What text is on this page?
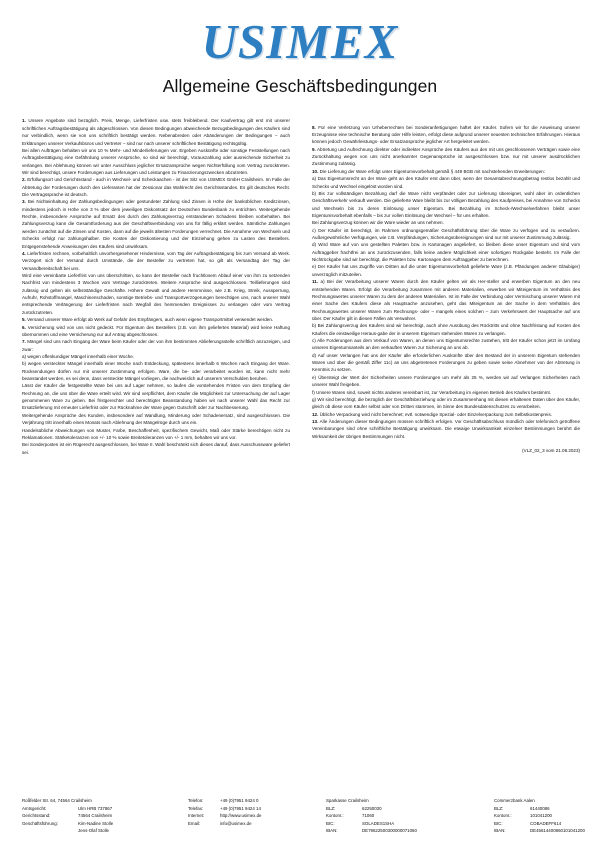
USIMEX
Allgemeine Geschäftsbedingungen

1. Unsere Angebote sind bezüglich. Preis, Menge, Lieferfristen usw. stets freibleibend. Der Kaufvertrag gilt erst mit unserer schriftlichen Auftragsbestätigung als abgeschlossen. Von diesen Bedingungen abweichende Bezugsbedingungen des Käufers sind nur verbindlich, wenn sie von uns schriftlich bestätigt werden. Nebenabreden oder Abänderungen der Bedingungen – auch Erklärungen unserer Verkaufsbüros und Vertreter – sind nur nach unserer schriftlichen Bestätigung rechtsgültig.

Bei allen Aufträgen behalten wir uns 10 % Mehr- und Minderlieferungen vor. Ergeben Auskünfte oder sonstige Feststellungen nach Auftragsbestätigung eine Gefährdung unserer Ansprüche, so sind wir berechtigt, Vorauszahlung oder ausreichende Sicherheit zu verlangen. Bei Ablehnung können wir unter Ausschluss jeglicher Ersatzansprüche wegen Nichterfüllung vom Vertrag zurücktreten. Wir sind berechtigt, unsere Forderungen aus Lieferungen und Leistungen zu Finanzierungszwecken abzutreten.

2. Erfüllungsort und Gerichtsstand - auch in Wechsel- und Scheckaachen - ist der Sitz von USIMEX GmbH Crailsheim. Im Falle der Abtretung der Forderungen durch den Lieferanten hat der Zessionar das Wahlrecht des Gerichtsstandes. Es gilt deutsches Recht. Die Vertragssprache ist deutsch.

3. Bei Nichteinhaltung der Zahlungsbedingungen oder gestundeter Zahlung sind Zinsen in Höhe der banküblichen Kreditzinsen, mindestens jedoch in Höhe von 3 % über dem jeweiligen Diskontsatz der Deutschen Bundesbank zu entrichten. Weitergehende Rechte, insbesondere Ansprüche auf Ersatz des durch den Zahlungsverzug entstandenen Schadens bleiben vorbehalten. Bei Zahlungsverzug kann die Gesamtforderung aus der Geschäftsverbindung von uns für fällig erklärt werden. Sämtliche Zahlungen werden zunächst auf die Zinsen und Kosten, dann auf die jeweils ältesten Forderungen verrechnet. Die Annahme von Wechseln und Schecks erfolgt nur zahlungshalber. Die Kosten der Diskontierung und der Einziehung gehen zu Lasten des Bestellers. Entgegenstehende Anweisungen des Käufers sind unwirksam.

4. Lieferfristen rechnen, vorbehaltlich unvorhergesehener Hindernisse, vom Tag der Auftragsbestätigung bis zum Versand ab Werk. Verzögert sich der Versand durch Umstände, die der Besteller zu vertreten hat, so gilt als Versandtag der Tag der Versandbereitschaft bei uns.

Wird eine vereinbarte Lieferfrist von uns überschritten, so kann der Besteller nach fruchtlosem Ablauf einer von ihm zu setzenden Nachfrist von mindestens 3 Wochen vom Vertrage zurücktreten. Weitere Ansprüche sind ausgeschlossen. Teillieferungen sind zulässig und gelten als selbstständige Geschäfte. Höhere Gewalt und andere Hemmnisse, wie z.B. Krieg, Streik, Aussperrung, Aufruhr, Rohstoffmangel, Maschinenschaden, sonstige Betriebs- und Transportverzögerungen berechtigen uns, nach unserer Wahl entsprechende Verlängerung der Lieferfristen nach Wegfall des hemmenden Ereignisses zu verlangen oder vom Vertrag zurückzutreten.

5. Versand unserer Ware erfolgt ab Werk auf Gefahr des Empfängers, auch wenn eigene Transportmittel verwendet werden.

6. Versicherung wird von uns nicht gedeckt. Für Eigentum des Bestellers (z.B. von ihm geliefertes Material) wird keine Haftung übernommen und eine Versicherung nur auf Antrag abgeschlossen.

7. Mängel sind uns nach Eingang der Ware beim Käufer oder der von ihm bestimmten Ablieferungsstelle schriftlich anzuzeigen, und zwar:

a) wegen offenkundiger Mängel innerhalb einer Woche.

b) wegen versteckter Mängel innerhalb einer Woche nach Entdeckung, spätestens innerhalb 6 Wochen nach Eingang der Ware. Rücksendungen dürfen nur mit unserer Zustimmung erfolgen. Ware, die be- oder verarbeitet worden ist, kann nicht mehr beanstandet werden, es sei denn, dass versteckte Mängel vorliegen, die nachweislich auf unserem Verschulden beruhen.

Lässt der Käufer die festgestellte Ware bei uns auf Lager nehmen, so laufen die vorstehenden Fristen von dem Empfang der Rechnung an, die uns über die Ware erteilt wird. Wir sind verpflichtet, dem Käufer die Möglichkeit zur Untersuchung der auf Lager genommenen Ware zu geben. Bei fristgerechter und berechtigter Beanstandung haben wir nach unserer Wahl das Recht zur Ersatzlieferung mit erneuter Lieferfrist oder zur Rücknahme der Ware gegen Gutschrift oder zur Nachbesserung.

Weitergehende Ansprüche des Kunden, insbesondere auf Wandlung, Minderung oder Schadenersatz, sind ausgeschlossen. Die Verjährung tritt innerhalb eines Monats nach Ablehnung der Mängelrüge durch uns ein.

Handelsübliche Abweichungen von Muster, Farbe, Beschaffenheit, spezifischem Gewicht, Maß oder Stärke berechtigen nicht zu Reklamationen. Stärketoleranzen von +/- 10 % sowie Breitetoleranzen von +/- 1 mm, behalten wir uns vor.

Bei Sonderposten ist ein Rügerecht ausgeschlossen, bei Ware II. Wahl beschränkt sich dieses darauf, dass Ausschussware geliefert sei.

8. Für eine Verletzung von Urheberrechten bei Sonderanfertigungen haftet der Käufer. Sofern wir für die Anweisung unserer Erzeugnisse eine technische Beratung oder Hilfe leisten, erfolgt diese aufgrund unserer neuesten technischen Erfahrungen. Hieraus können jedoch Gewährleistungs- oder Ersatzansprüche jeglicher Art hergeleitet werden.

9. Abtretung und Aufrechnung direkter oder indirekter Ansprüche des Käufers aus den mit uns geschlossenen Verträgen sowie eine Zurückhaltung wegen von uns nicht anerkannter Gegenansprüche ist ausgeschlossen bzw. nur mit unserer ausdrücklichen Zustimmung zulässig.

10. Die Lieferung der Ware erfolgt unter Eigentumsvorbehalt gemäß § 449 BGB mit nachstehenden Erweiterungen:

a) Das Eigentumsrecht an der Ware geht an den Käufer erst dann über, wenn der Gesamtabrechnungsbetrag restlos bezahlt und Schecks und Wechsel eingelöst worden sind.

b) Bis zur vollständigen Bezahlung darf die Ware nicht verpfändet oder zur Lieferung übereignet, wohl aber im ordentlichen Geschäftsverkehr verkauft werden. Die gelieferte Ware bleibt bis zur völligen Bezahlung des Kaufpreises, bei Annahme von Schecks und Wechseln bis zu deren Einlösung unser Eigentum. Bei Bezahlung im Scheck-/Wechselverfahren bleibt unser Eigentumsvorbehalt ebenfalls – bis zur vollen Einlösung der Wechsel – für uns erhalten.

Bei Zahlungsverzug können wir die Ware wieder an uns nehmen.

c) Der Käufer ist berechtigt, im Rahmen ordnungsgemäßer Geschäftsführung über die Ware zu verfügen und zu veräußern. Außergewöhnliche Verfügungen, wie z.B. Verpfändungen, Sicherungsübereignungen sind nur mit unserer Zustimmung zulässig.

d) Wird Ware auf von uns gestellten Paletten bzw. in Kartonagen angeliefert, so bleiben diese unser Eigentum und sind vom Auftraggeber frachtfrei an uns zurückzusenden, falls keine andere Möglichkeit einer sofortigen Rückgabe besteht. Im Falle der Nichtrückgabe sind wir berechtigt, die Paletten bzw. Kartonagen dem Auftraggeber zu berechnen.

e) Der Käufer hat uns Zugriffe von Dritten auf die unter Eigentumsvorbehalt gelieferte Ware (z.B. Pfändungen anderer Gläubiger) unverzüglich mitzuteilen.

11. a) Bei der Verarbeitung unserer Waren durch den Käufer gelten wir als Her-steller und erwerben Eigentum an den neu entstehenden Waren. Erfolgt die Verarbeitung zusammen mit anderen Materialien, erwerben wir Miteigentum im Verhältnis des Rechnungswertes unserer Waren zu dem der anderen Materialien. Ist im Falle der Verbindung oder Vermischung unserer Waren mit einer Sache des Käufers diese als Hauptsache anzusehen, geht das Miteigentum an der Sache in dem Verhältnis des Rechnungswertes unserer Waren zum Rechnungs- oder – mangels eines solchen – zum Verkehrswert der Hauptsache auf uns über. Der Käufer gilt in diesen Fällen als Verwahrer.

b) Bei Zahlungsverzug des Käufers sind wir berechtigt, auch ohne Ausübung des Rücktritts und ohne Nachfristung auf Kosten des Käufers die einstweilige Heraus-gabe der in unserem Eigentum stehenden Waren zu verlangen.

c) Alle Forderungen aus dem Verkauf von Waren, an denen uns Eigentumsrechte zustehen, tritt der Käufer schon jetzt im Umfang unseres Eigentumsanteils an den verkauften Waren zur Sicherung an uns ab.

d) Auf unser Verlangen hat uns der Käufer alle erforderlichen Auskünfte über den Bestand der in unserem Eigentum stehenden Waren und über die gemäß Ziffer 11c) an uns abgetretenen Forderungen zu geben sowie seine Abnehmer von der Abtretung in Kenntnis zu setzen.

e) Übersteigt der Wert der Sicherheiten unsere Forderungen um mehr als 25 %, werden wir auf Verlangen Sicherheiten nach unserer Wahl freigeben.

f) Unsere Waren sind, soweit nichts anderes vereinbart ist, zur Verarbeitung im eigenen Betrieb des Käufers bestimmt.

g) Wir sind berechtigt, die bezüglich der Geschäftsbeziehung oder im Zusammenhang mit diesen erhaltenen Daten über den Käufer, gleich ob diese vom Käufer selbst oder von Dritten stammen, im Sinne des Bundesdatenschutzes zu verarbeiten.

12. Übliche Verpackung wird nicht berechnet; evtl. notwendige Spezial- oder Einzelverpackung zum Selbstkostenpreis.

13. Alle Änderungen dieser Bedingungen müssen schriftlich erfolgen. Vor Geschäftsabschluss mündlich oder telefonisch getroffene Vereinbarungen sind ohne schriftliche Bestätigung unwirksam. Die etwaige Unwirksamkeit einzelner Bestimmungen berührt die Wirksamkeit der übrigen Bestimmungen nicht.

(VLZ_02_3 vom 21.08.2023)
Roßfelder Str. 64, 74564 Crailsheim
Amtsgericht:	Ulm HRB 737867
Gerichtsstand:	74564 Crailsheim
Geschäftsführung:	Kim-Nadine Stolle
Jens-Olaf Stolle
Telefon:	+49 (0)7951 9424 0
Telefax:	+49 (0)7951 9424 14
Internet:	http://www.usimex.de
Email:	info@usimex.de
Sparkasse Crailsheim
BLZ:	62250030
Kontonr.:	71060
BIC:	SOLADES1SHA
IBAN:	DE79622500300000071060
Commerzbank Aalen
BLZ:	61440086
Kontonr.:	101041200
BIC:	COBADEFF614
IBAN:	DE45614400860101041200
